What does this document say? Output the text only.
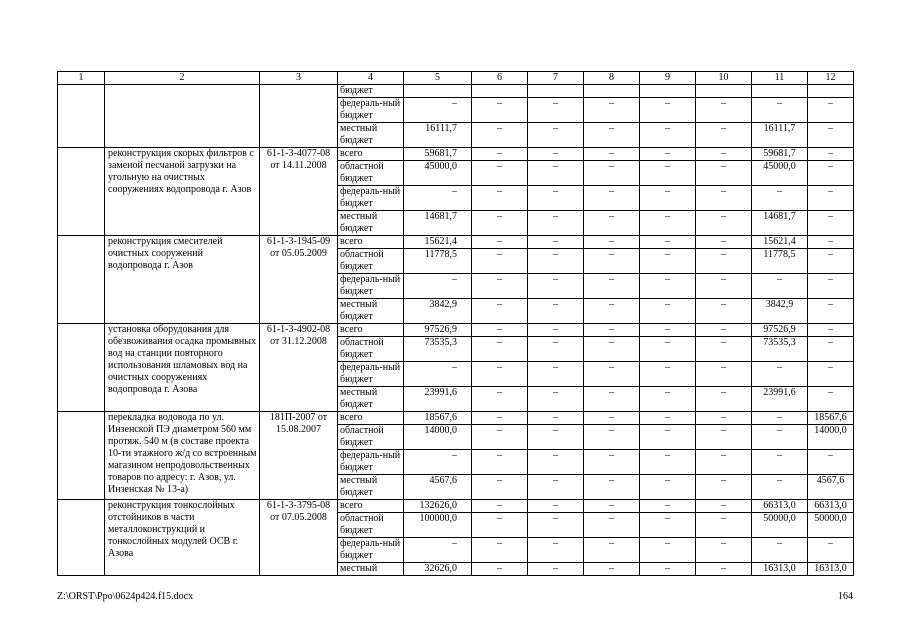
1	2	3	4	5	6	7	8	9	10	11	12
			бюджет								
			федераль-ный бюджет	–	–	–	–	–	–	–	–
			местный бюджет	16111,7	–	–	–	–	–	16111,7	–
	реконструкция скорых фильтров с заменой песчаной загрузки на угольную на очистных сооружениях водопровода г. Азов	61-1-3-4077-08 от 14.11.2008	всего	59681,7	–	–	–	–	–	59681,7	–
			областной бюджет	45000,0	–	–	–	–	–	45000,0	–
			федераль-ный бюджет	–	–	–	–	–	–	–	–
			местный бюджет	14681,7	–	–	–	–	–	14681,7	–
	реконструкция смесителей очистных сооружений водопровода г. Азов	61-1-3-1945-09 от 05.05.2009	всего	15621,4	–	–	–	–	–	15621,4	–
			областной бюджет	11778,5	–	–	–	–	–	11778,5	–
			федераль-ный бюджет	–	–	–	–	–	–	–	–
			местный бюджет	3842,9	–	–	–	–	–	3842,9	–
	установка оборудования для обезвоживания осадка промывных вод на станции повторного использования шламовых вод на очистных сооружениях водопровода г. Азова	61-1-3-4902-08 от 31.12.2008	всего	97526,9	–	–	–	–	–	97526,9	–
			областной бюджет	73535,3	–	–	–	–	–	73535,3	–
			федераль-ный бюджет	–	–	–	–	–	–	–	–
			местный бюджет	23991,6	–	–	–	–	–	23991,6	–
	перекладка водовода по ул. Инзенской ПЭ диаметром 560 мм протяж. 540 м (в составе проекта 10-ти этажного ж/д со встроенным магазином непродовольственных товаров по адресу: г. Азов, ул. Инзенская № 13-а)	181П-2007 от 15.08.2007	всего	18567,6	–	–	–	–	–	–	18567,6
			областной бюджет	14000,0	–	–	–	–	–	–	14000,0
			федераль-ный бюджет	–	–	–	–	–	–	–	–
			местный бюджет	4567,6	–	–	–	–	–	–	4567,6
	реконструкция тонкослойных отстойников в части металлоконструкций и тонкослойных модулей ОСВ г. Азова	61-1-3-3795-08 от 07.05.2008	всего	132626,0	–	–	–	–	–	66313,0	66313,0
			областной бюджет	100000,0	–	–	–	–	–	50000,0	50000,0
			федераль-ный бюджет	–	–	–	–	–	–	–	–
			местный	32626,0	–	–	–	–	–	16313,0	16313,0
Z:\ORST\Ppo\0624p424.f15.docx	164
